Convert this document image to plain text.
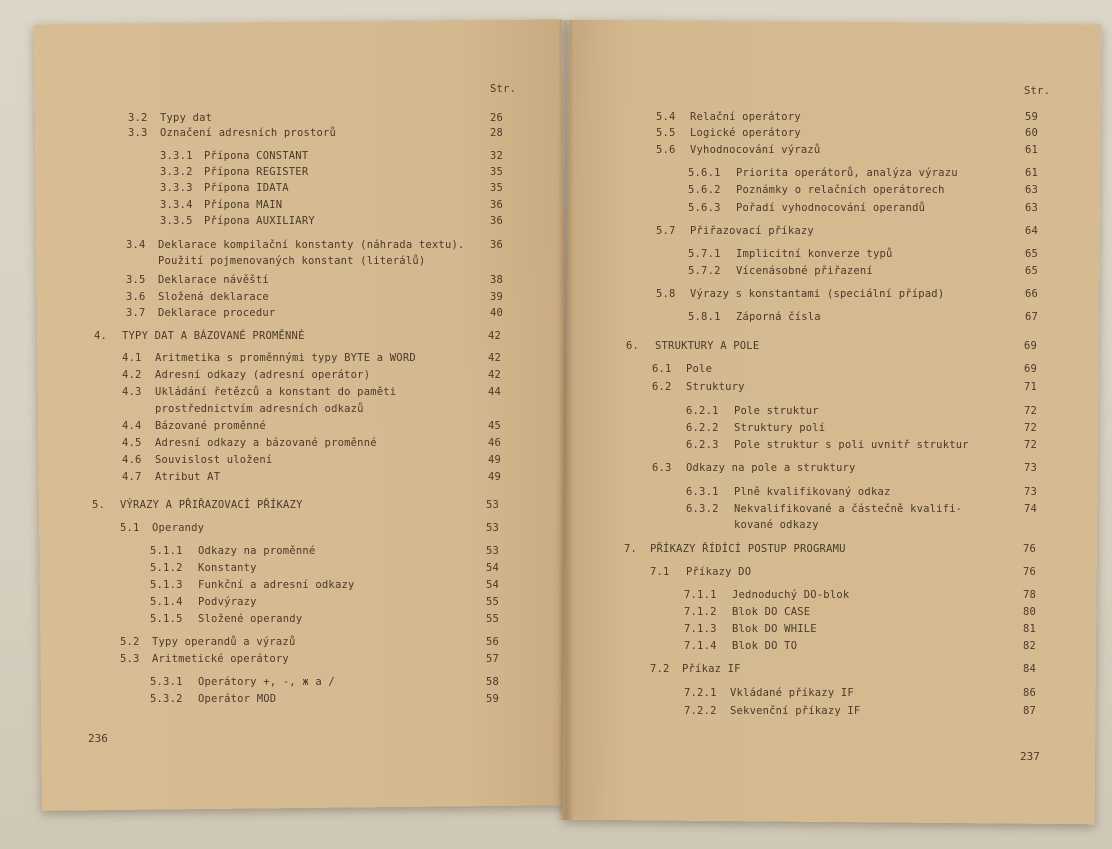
3.2 Typy dat	26
3.3 Označení adresních prostorů	28
3.3.1 Přípona CONSTANT	32
3.3.2 Přípona REGISTER	35
3.3.3 Přípona IDATA	35
3.3.4 Přípona MAIN	36
3.3.5 Přípona AUXILIARY	36
3.4 Deklarace kompilační konstanty (náhrada textu). 36
Použití pojmenovaných konstant (literálů)
3.5 Deklarace návěští	38
3.6 Složená deklarace	39
3.7 Deklarace procedur	40
4. TYPY DAT A BÁZOVANÉ PROMĚNNÉ	42
4.1 Aritmetika s proměnnými typy BYTE a WORD	42
4.2 Adresní odkazy (adresní operátor)	42
4.3 Ukládání řetězců a konstant do paměti	44
prostřednictvím adresních odkazů
4.4 Bázované proměnné	45
4.5 Adresní odkazy a bázované proměnné	46
4.6 Souvislost uložení	49
4.7 Atribut AT	49
5. VÝRAZY A PŘIŘAZOVACÍ PŘÍKAZY	53
5.1 Operandy	53
5.1.1 Odkazy na proměnné	53
5.1.2 Konstanty	54
5.1.3 Funkční a adresní odkazy	54
5.1.4 Podvýrazy	55
5.1.5 Složené operandy	55
5.2 Typy operandů a výrazů	56
5.3 Aritmetické operátory	57
5.3.1 Operátory +, -, ж a /	58
5.3.2 Operátor MOD	59
5.4 Relační operátory	59
5.5 Logické operátory	60
5.6 Vyhodnocování výrazů	61
5.6.1 Priorita operátorů, analýza výrazu	61
5.6.2 Poznámky o relačních operátorech	63
5.6.3 Pořadí vyhodnocování operandů	63
5.7 Přiřazovací příkazy	64
5.7.1 Implicitní konverze typů	65
5.7.2 Vícenásobné přiřazení	65
5.8 Výrazy s konstantami (speciální případ)	66
5.8.1 Záporná čísla	67
6. STRUKTURY A POLE	69
6.1 Pole	69
6.2 Struktury	71
6.2.1 Pole struktur	72
6.2.2 Struktury polí	72
6.2.3 Pole struktur s poli uvnitř struktur	72
6.3 Odkazy na pole a struktury	73
6.3.1 Plně kvalifikovaný odkaz	73
6.3.2 Nekvalifikované a částečně kvalifi-	74
kované odkazy
7. PŘÍKAZY ŘÍDÍCÍ POSTUP PROGRAMU	76
7.1 Příkazy DO	76
7.1.1 Jednoduchý DO-blok	78
7.1.2 Blok DO CASE	80
7.1.3 Blok DO WHILE	81
7.1.4 Blok DO TO	82
7.2 Příkaz IF	84
7.2.1 Vkládané příkazy IF	86
7.2.2 Sekvenční příkazy IF	87
Str.	Str.
236
237
